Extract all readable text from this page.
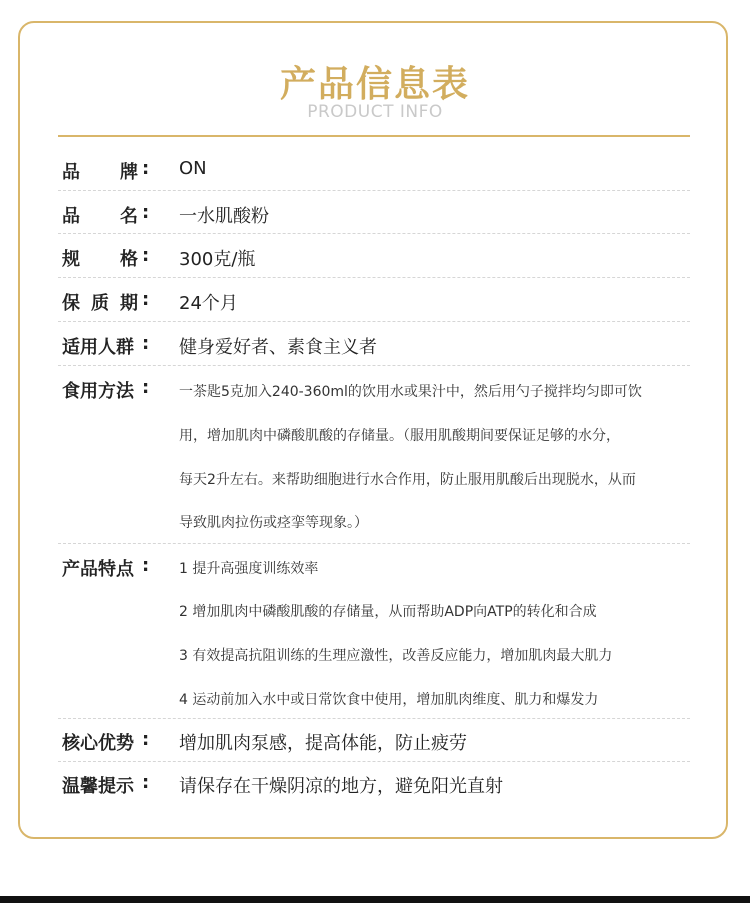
产品信息表
PRODUCT INFO
品 牌 : ON
品 名 : 一水肌酸粉
规 格 : 300克/瓶
保 质 期 : 24个月
适用人群 : 健身爱好者、素食主义者
食用方法 : 一茶匙5克加入240-360ml的饮用水或果汁中，然后用勺子搅拌均匀即可饮
用，增加肌肉中磷酸肌酸的存储量。（服用肌酸期间要保证足够的水分，
每天2升左右。来帮助细胞进行水合作用，防止服用肌酸后出现脱水，从而
导致肌肉拉伤或痉挛等现象。）
产品特点 : 1 提升高强度训练效率
2 增加肌肉中磷酸肌酸的存储量，从而帮助ADP向ATP的转化和合成
3 有效提高抗阻训练的生理应激性，改善反应能力，增加肌肉最大肌力
4 运动前加入水中或日常饮食中使用，增加肌肉维度、肌力和爆发力
核心优势 : 增加肌肉泵感，提高体能，防止疲劳
温馨提示 : 请保存在干燥阴凉的地方，避免阳光直射
